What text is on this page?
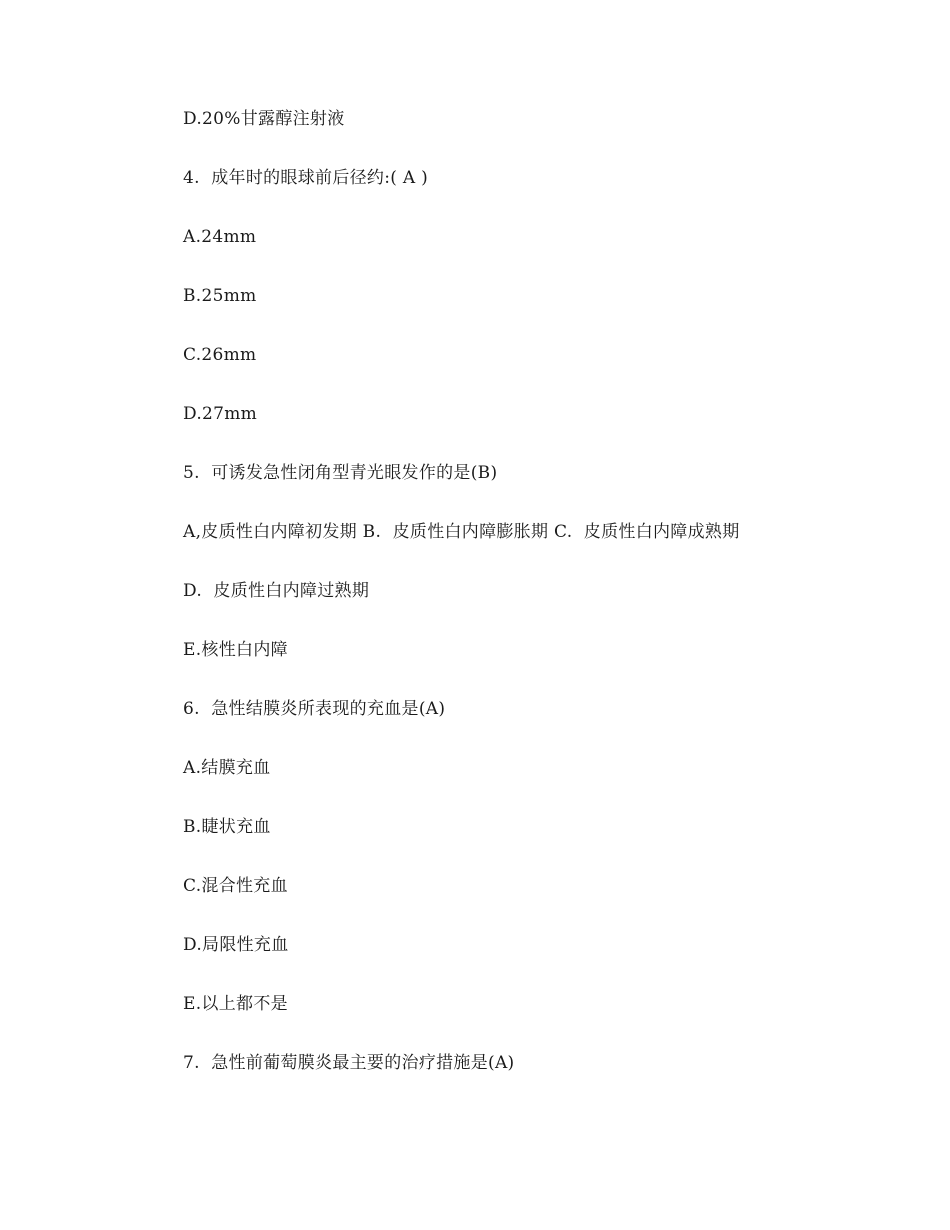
D.20%甘露醇注射液
4.  成年时的眼球前后径约:( A )
A.24mm
B.25mm
C.26mm
D.27mm
5.  可诱发急性闭角型青光眼发作的是(B)
A,皮质性白内障初发期 B.  皮质性白内障膨胀期 C.  皮质性白内障成熟期
D.  皮质性白内障过熟期
E.核性白内障
6.  急性结膜炎所表现的充血是(A)
A.结膜充血
B.睫状充血
C.混合性充血
D.局限性充血
E.以上都不是
7.  急性前葡萄膜炎最主要的治疗措施是(A)
